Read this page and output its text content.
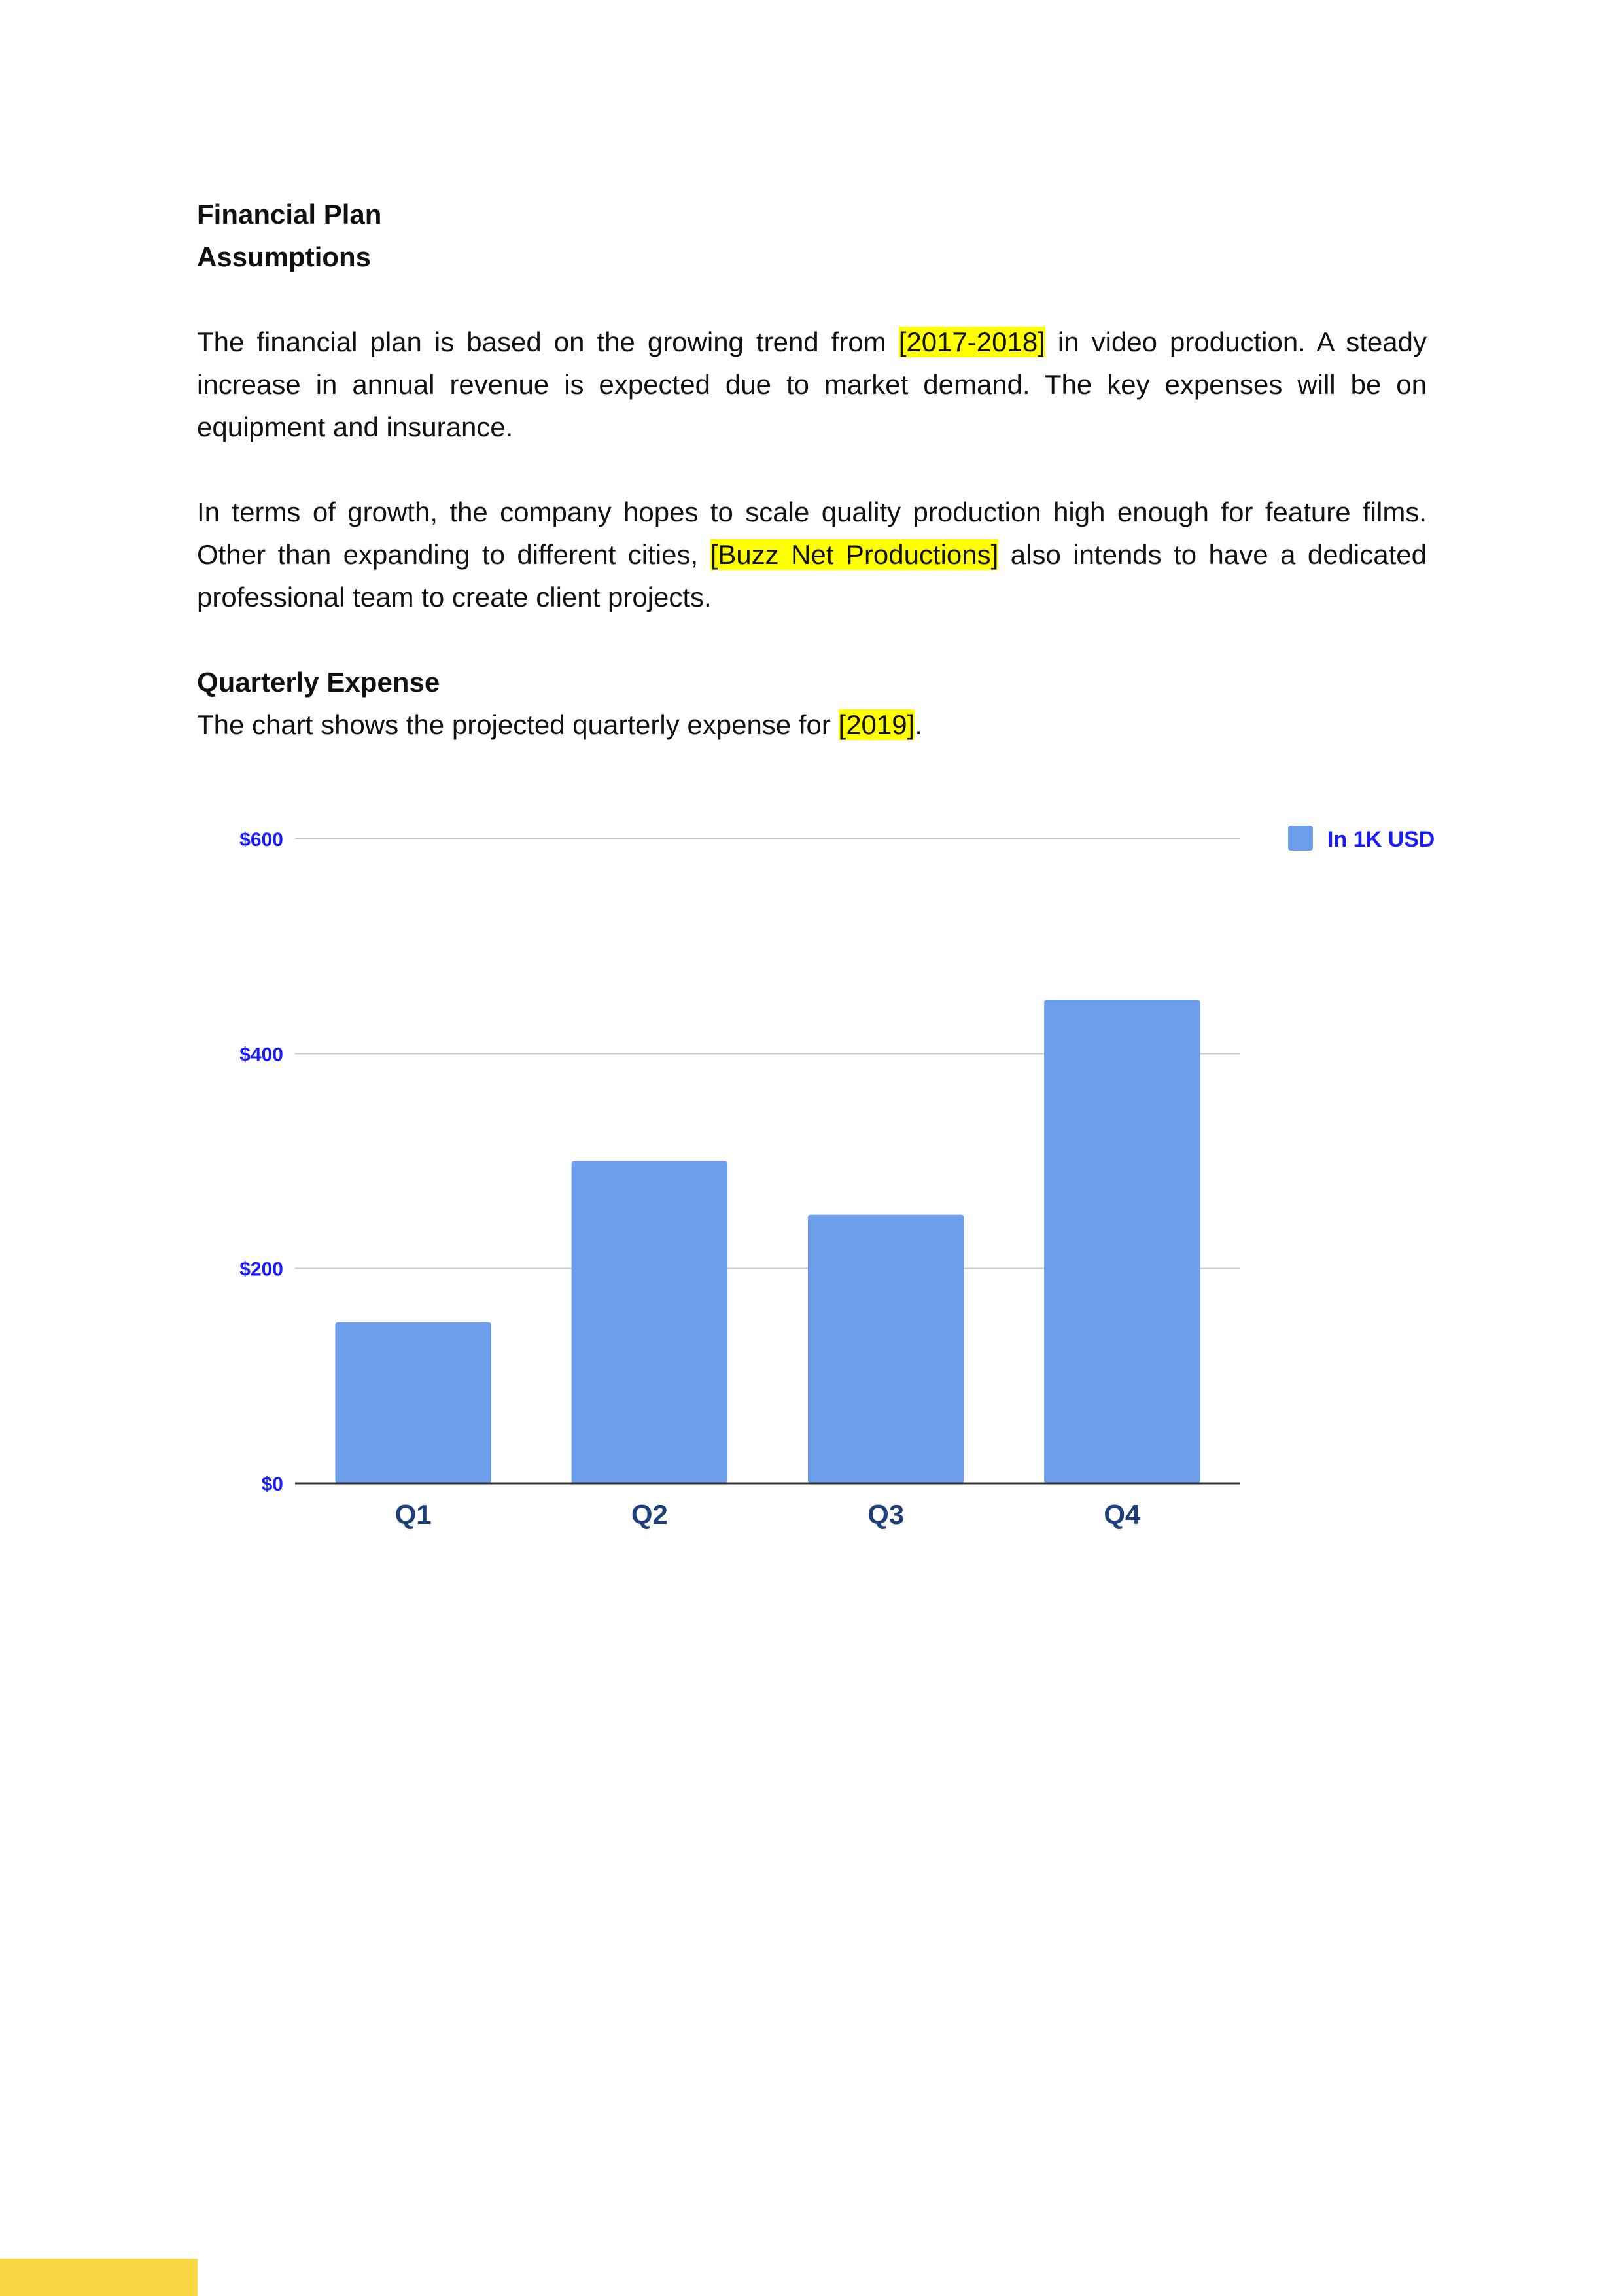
Financial Plan

Assumptions

The financial plan is based on the growing trend from [2017-2018] in video production. A steady increase in annual revenue is expected due to market demand. The key expenses will be on equipment and insurance.

In terms of growth, the company hopes to scale quality production high enough for feature films. Other than expanding to different cities, [Buzz Net Productions] also intends to have a dedicated professional team to create client projects.

Quarterly Expense

The chart shows the projected quarterly expense for [2019].

$0
$200
$400
$600
Q1	Q2	Q3	Q4
In 1K USD
